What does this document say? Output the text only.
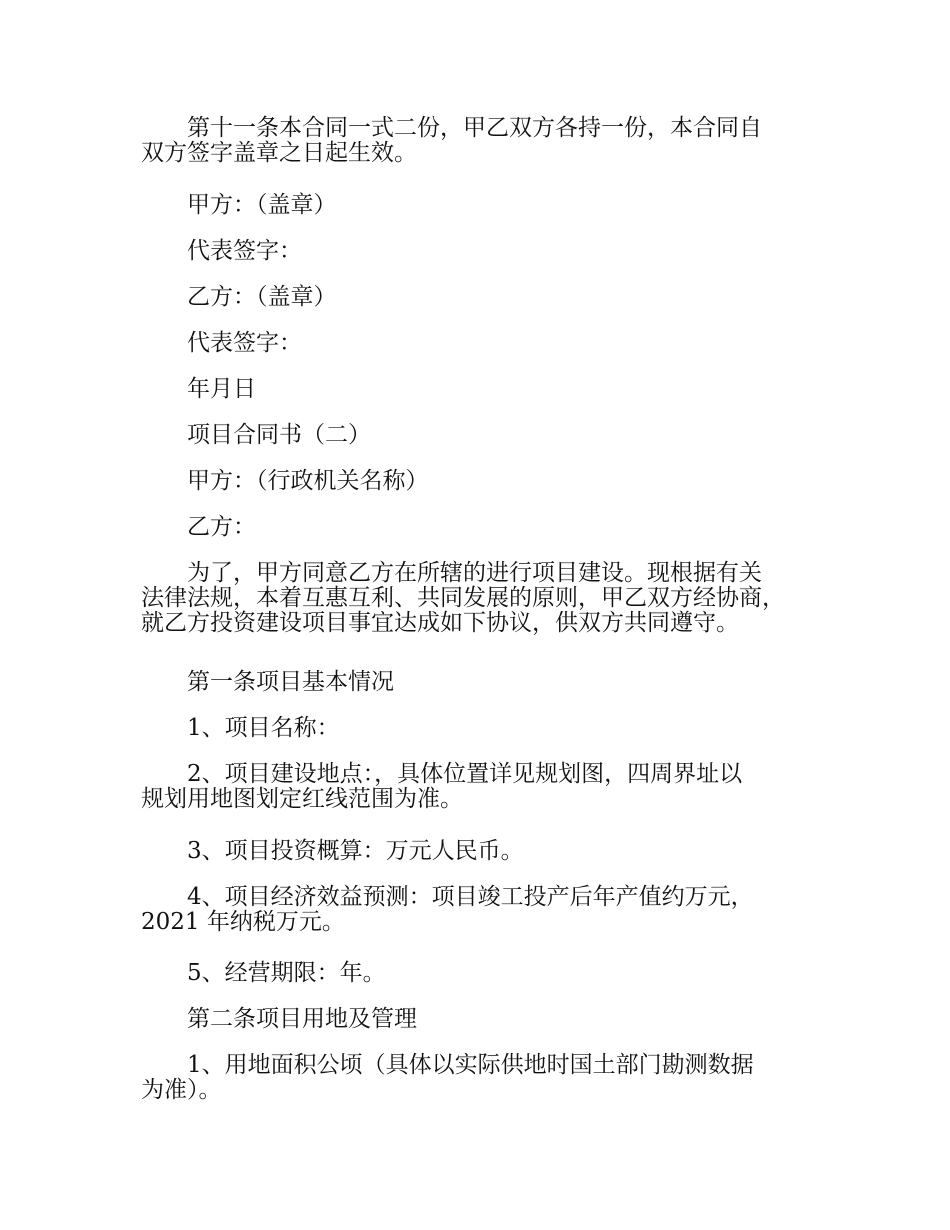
第十一条本合同一式二份，甲乙双方各持一份，本合同自
双方签字盖章之日起生效。
甲方：（盖章）
代表签字：
乙方：（盖章）
代表签字：
年月日
项目合同书（二）
甲方：（行政机关名称）
乙方：
为了，甲方同意乙方在所辖的进行项目建设。现根据有关
法律法规，本着互惠互利、共同发展的原则，甲乙双方经协商，
就乙方投资建设项目事宜达成如下协议，供双方共同遵守。
第一条项目基本情况
1、项目名称：
2、项目建设地点：，具体位置详见规划图，四周界址以
规划用地图划定红线范围为准。
3、项目投资概算：万元人民币。
4、项目经济效益预测：项目竣工投产后年产值约万元，
2021 年纳税万元。
5、经营期限：年。
第二条项目用地及管理
1、用地面积公顷（具体以实际供地时国土部门勘测数据
为准）。
